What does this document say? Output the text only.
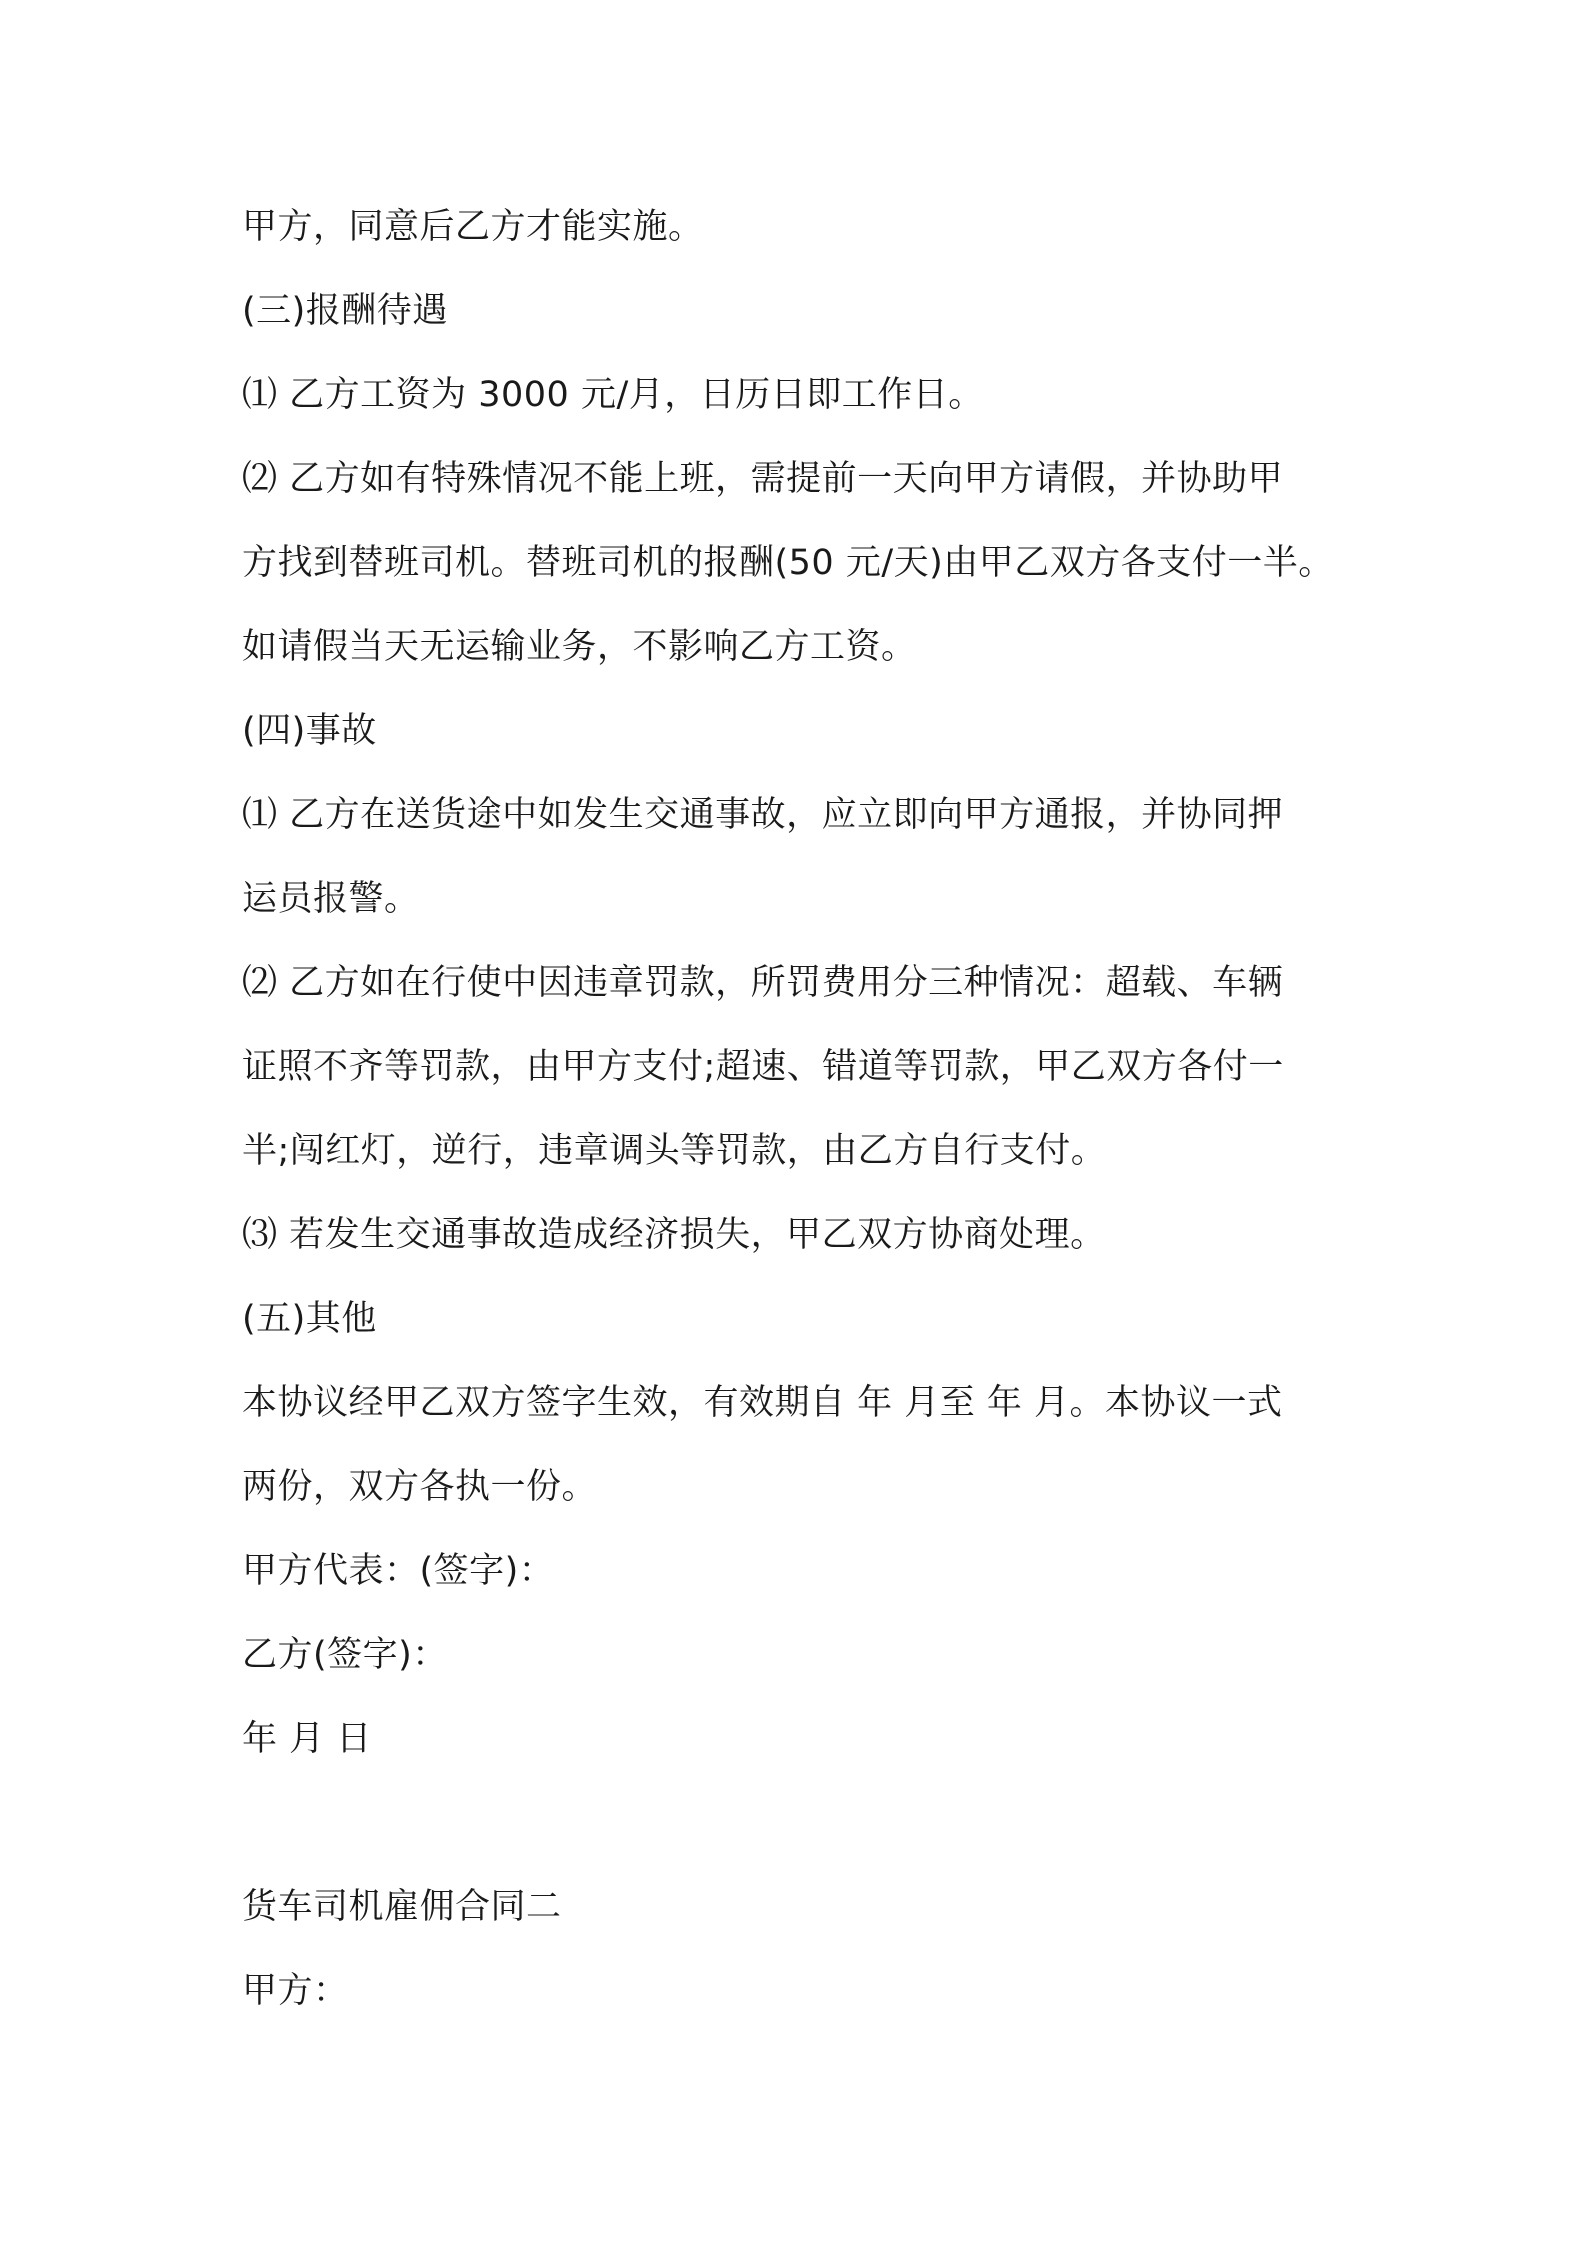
甲方，同意后乙方才能实施。
(三)报酬待遇
⑴ 乙方工资为 3000 元/月，日历日即工作日。
⑵ 乙方如有特殊情况不能上班，需提前一天向甲方请假，并协助甲
方找到替班司机。替班司机的报酬(50 元/天)由甲乙双方各支付一半。
如请假当天无运输业务，不影响乙方工资。
(四)事故
⑴ 乙方在送货途中如发生交通事故，应立即向甲方通报，并协同押
运员报警。
⑵ 乙方如在行使中因违章罚款，所罚费用分三种情况：超载、车辆
证照不齐等罚款，由甲方支付;超速、错道等罚款，甲乙双方各付一
半;闯红灯，逆行，违章调头等罚款，由乙方自行支付。
⑶ 若发生交通事故造成经济损失，甲乙双方协商处理。
(五)其他
本协议经甲乙双方签字生效，有效期自 年 月至 年 月。本协议一式
两份，双方各执一份。
甲方代表：(签字)：
乙方(签字)：
年 月 日
货车司机雇佣合同二
甲方：
